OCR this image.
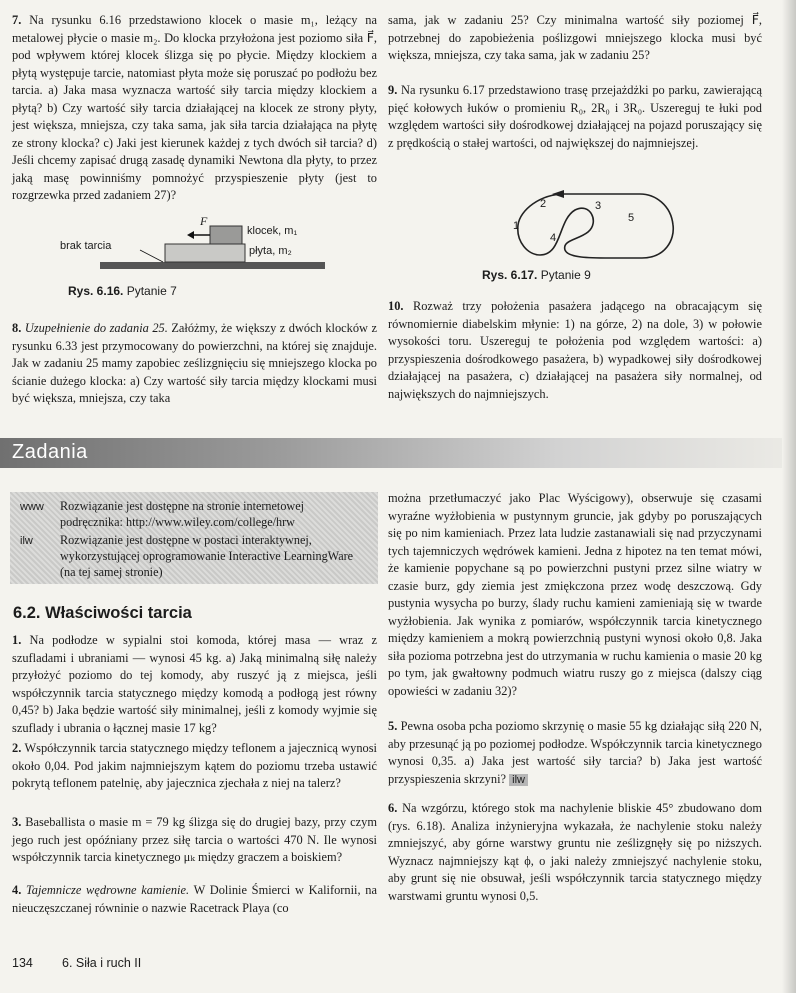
7. Na rysunku 6.16 przedstawiono klocek o masie m₁, leżący na metalowej płycie o masie m₂. Do klocka przyłożona jest poziomo siła F⃗, pod wpływem której klocek ślizga się po płycie. Między klockiem a płytą występuje tarcie, natomiast płyta może się poruszać po podłożu bez tarcia. a) Jaka masa wyznacza wartość siły tarcia między klockiem a płytą? b) Czy wartość siły tarcia działającej na klocek ze strony płyty, jest większa, mniejsza, czy taka sama, jak siła tarcia działająca na płytę ze strony klocka? c) Jaki jest kierunek każdej z tych dwóch sił tarcia? d) Jeśli chcemy zapisać drugą zasadę dynamiki Newtona dla płyty, to przez jaką masę powinniśmy pomnożyć przyspieszenie płyty (jest to rozgrzewka przed zadaniem 27)?

F⃗
klocek, m₁
płyta, m₂
brak tarcia
Rys. 6.16. Pytanie 7

8. Uzupełnienie do zadania 25. Załóżmy, że większy z dwóch klocków z rysunku 6.33 jest przymocowany do powierzchni, na której się znajduje. Jak w zadaniu 25 mamy zapobiec ześlizgnięciu się mniejszego klocka po ścianie dużego klocka: a) Czy wartość siły tarcia między klockami musi być większa, mniejsza, czy taka

sama, jak w zadaniu 25? Czy minimalna wartość siły poziomej F⃗, potrzebnej do zapobieżenia poślizgowi mniejszego klocka musi być większa, mniejsza, czy taka sama, jak w zadaniu 25?

9. Na rysunku 6.17 przedstawiono trasę przejażdżki po parku, zawierającą pięć kołowych łuków o promieniu R₀, 2R₀ i 3R₀. Uszereguj te łuki pod względem wartości siły dośrodkowej działającej na pojazd poruszający się z prędkością o stałej wartości, od największej do najmniejszej.

1
2	3
4
5
Rys. 6.17. Pytanie 9

10. Rozważ trzy położenia pasażera jadącego na obracającym się równomiernie diabelskim młynie: 1) na górze, 2) na dole, 3) w połowie wysokości toru. Uszereguj te położenia pod względem wartości: a) przyspieszenia dośrodkowego pasażera, b) wypadkowej siły dośrodkowej działającej na pasażera, c) działającej na pasażera siły normalnej, od największych do najmniejszych.

Zadania
www Rozwiązanie jest dostępne na stronie internetowej podręcznika: http://www.wiley.com/college/hrw
ilw Rozwiązanie jest dostępne w postaci interaktywnej, wykorzystującej oprogramowanie Interactive LearningWare (na tej samej stronie)
6.2. Właściwości tarcia

1. Na podłodze w sypialni stoi komoda, której masa — wraz z szufladami i ubraniami — wynosi 45 kg. a) Jaką minimalną siłę należy przyłożyć poziomo do tej komody, aby ruszyć ją z miejsca, jeśli współczynnik tarcia statycznego między komodą a podłogą jest równy 0,45? b) Jaka będzie wartość siły minimalnej, jeśli z komody wyjmie się szuflady i ubrania o łącznej masie 17 kg?

2. Współczynnik tarcia statycznego między teflonem a jajecznicą wynosi około 0,04. Pod jakim najmniejszym kątem do poziomu trzeba ustawić pokrytą teflonem patelnię, aby jajecznica zjechała z niej na talerz?

3. Baseballista o masie m = 79 kg ślizga się do drugiej bazy, przy czym jego ruch jest opóźniany przez siłę tarcia o wartości 470 N. Ile wynosi współczynnik tarcia kinetycznego μₖ między graczem a boiskiem?

4. Tajemnicze wędrowne kamienie. W Dolinie Śmierci w Kalifornii, na nieuczęszczanej równinie o nazwie Racetrack Playa (co

można przetłumaczyć jako Plac Wyścigowy), obserwuje się czasami wyraźne wyżłobienia w pustynnym gruncie, jak gdyby po poruszających się po nim kamieniach. Przez lata ludzie zastanawiali się nad przyczynami tych tajemniczych wędrówek kamieni. Jedna z hipotez na ten temat mówi, że kamienie popychane są po powierzchni pustyni przez silne wiatry w czasie burz, gdy ziemia jest zmiękczona przez wodę deszczową. Gdy pustynia wysycha po burzy, ślady ruchu kamieni zamieniają się w twarde wyżłobienia. Jak wynika z pomiarów, współczynnik tarcia kinetycznego między kamieniem a mokrą powierzchnią pustyni wynosi około 0,8. Jaka siła pozioma potrzebna jest do utrzymania w ruchu kamienia o masie 20 kg po tym, jak gwałtowny podmuch wiatru ruszy go z miejsca (dalszy ciąg opowieści w zadaniu 32)?

5. Pewna osoba pcha poziomo skrzynię o masie 55 kg działając siłą 220 N, aby przesunąć ją po poziomej podłodze. Współczynnik tarcia kinetycznego wynosi 0,35. a) Jaka jest wartość siły tarcia? b) Jaka jest wartość przyspieszenia skrzyni? ilw

6. Na wzgórzu, którego stok ma nachylenie bliskie 45° zbudowano dom (rys. 6.18). Analiza inżynieryjna wykazała, że nachylenie stoku należy zmniejszyć, aby górne warstwy gruntu nie ześlizgnęły się po niższych. Wyznacz najmniejszy kąt ϕ, o jaki należy zmniejszyć nachylenie stoku, aby grunt się nie obsuwał, jeśli współczynnik tarcia statycznego między warstwami gruntu wynosi 0,5.

134 6. Siła i ruch II
